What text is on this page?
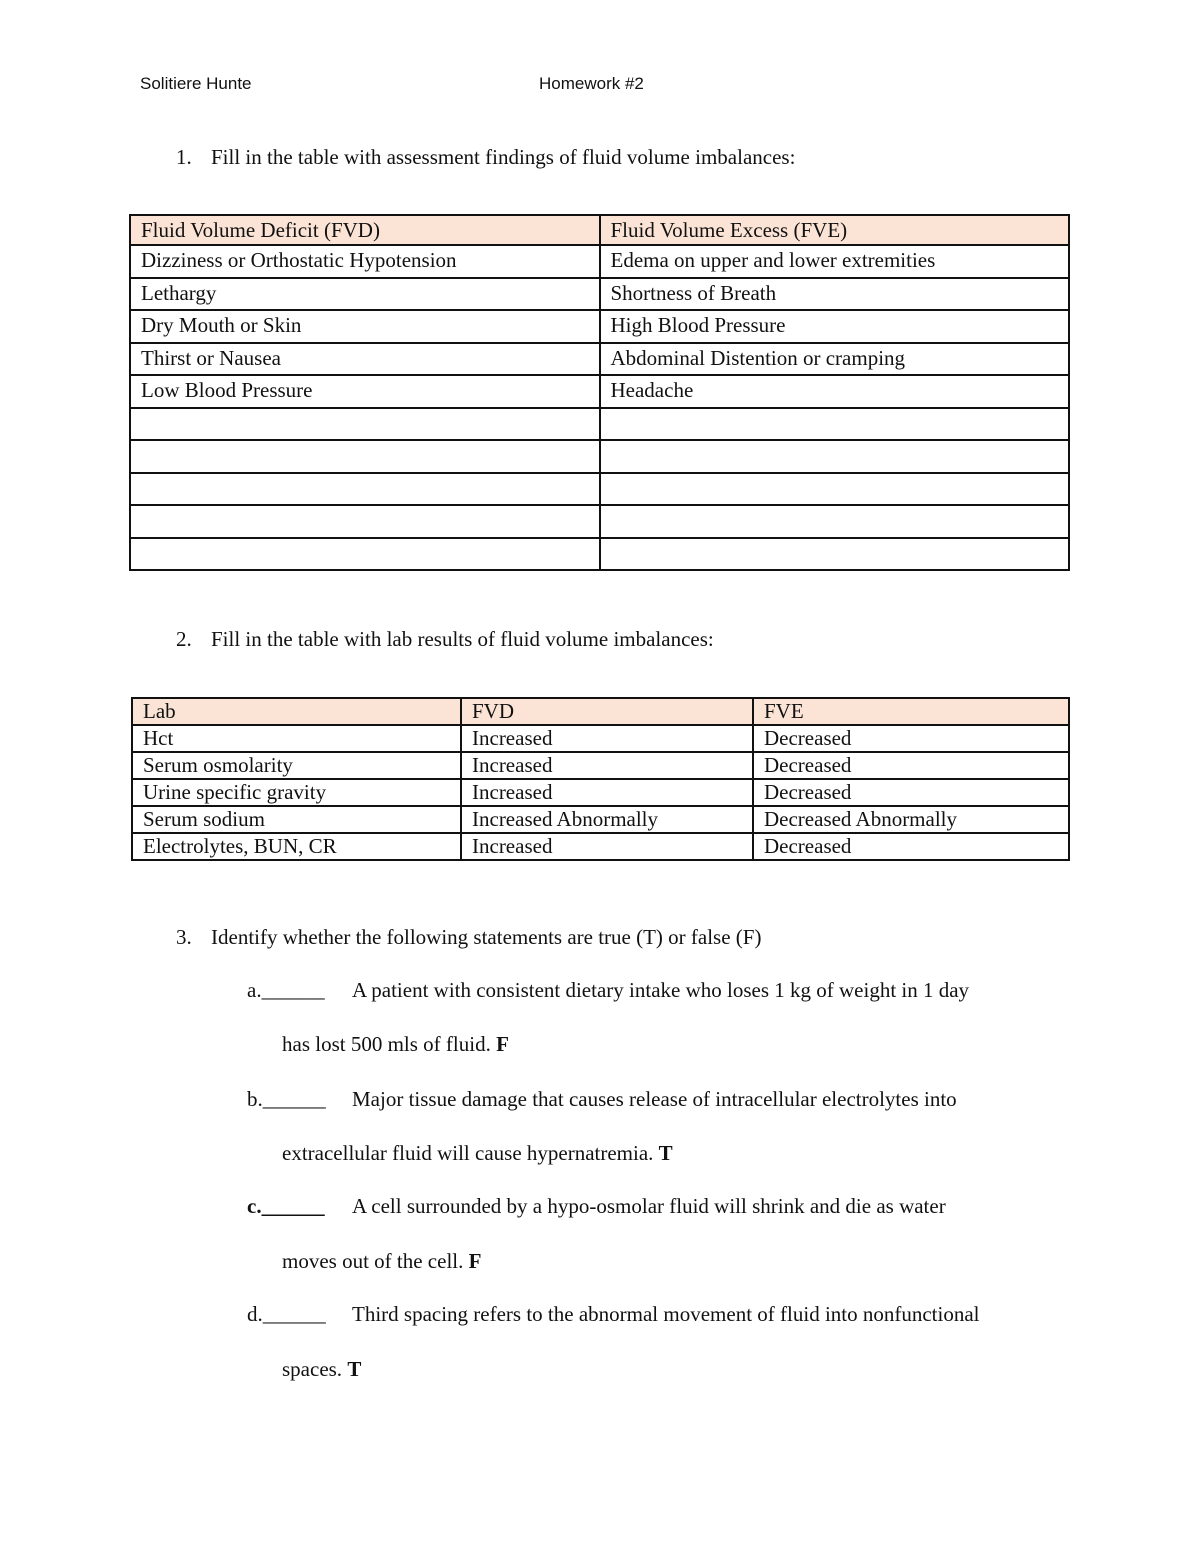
Solitiere Hunte	Homework #2
1. Fill in the table with assessment findings of fluid volume imbalances:
Fluid Volume Deficit (FVD)	Fluid Volume Excess (FVE)
Dizziness or Orthostatic Hypotension	Edema on upper and lower extremities
Lethargy	Shortness of Breath
Dry Mouth or Skin	High Blood Pressure
Thirst or Nausea	Abdominal Distention or cramping
Low Blood Pressure	Headache

2. Fill in the table with lab results of fluid volume imbalances:
Lab	FVD	FVE
Hct	Increased	Decreased
Serum osmolarity	Increased	Decreased
Urine specific gravity	Increased	Decreased
Serum sodium	Increased Abnormally	Decreased Abnormally
Electrolytes, BUN, CR	Increased	Decreased
3. Identify whether the following statements are true (T) or false (F)
a.______ A patient with consistent dietary intake who loses 1 kg of weight in 1 day
has lost 500 mls of fluid. F
b.______ Major tissue damage that causes release of intracellular electrolytes into
extracellular fluid will cause hypernatremia. T
c.______ A cell surrounded by a hypo-osmolar fluid will shrink and die as water
moves out of the cell. F
d.______ Third spacing refers to the abnormal movement of fluid into nonfunctional
spaces. T
